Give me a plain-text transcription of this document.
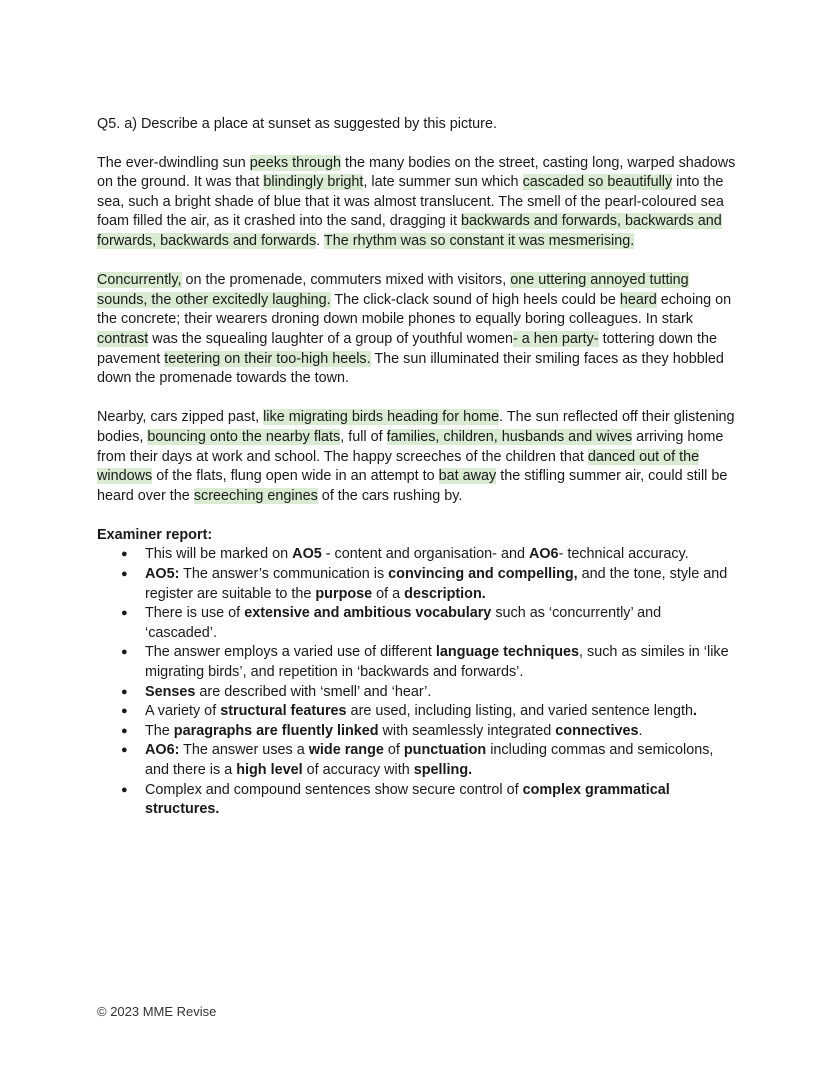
Q5. a) Describe a place at sunset as suggested by this picture.

The ever-dwindling sun peeks through the many bodies on the street, casting long, warped shadows on the ground. It was that blindingly bright, late summer sun which cascaded so beautifully into the sea, such a bright shade of blue that it was almost translucent. The smell of the pearl-coloured sea foam filled the air, as it crashed into the sand, dragging it backwards and forwards, backwards and forwards, backwards and forwards. The rhythm was so constant it was mesmerising.

Concurrently, on the promenade, commuters mixed with visitors, one uttering annoyed tutting sounds, the other excitedly laughing. The click-clack sound of high heels could be heard echoing on the concrete; their wearers droning down mobile phones to equally boring colleagues. In stark contrast was the squealing laughter of a group of youthful women- a hen party- tottering down the pavement teetering on their too-high heels. The sun illuminated their smiling faces as they hobbled down the promenade towards the town.

Nearby, cars zipped past, like migrating birds heading for home. The sun reflected off their glistening bodies, bouncing onto the nearby flats, full of families, children, husbands and wives arriving home from their days at work and school. The happy screeches of the children that danced out of the windows of the flats, flung open wide in an attempt to bat away the stifling summer air, could still be heard over the screeching engines of the cars rushing by.

Examiner report:

● This will be marked on AO5 - content and organisation- and AO6- technical accuracy.
● AO5: The answer’s communication is convincing and compelling, and the tone, style and register are suitable to the purpose of a description.
● There is use of extensive and ambitious vocabulary such as ‘concurrently’ and ‘cascaded’.
● The answer employs a varied use of different language techniques, such as similes in ‘like migrating birds’, and repetition in ‘backwards and forwards’.
● Senses are described with ‘smell’ and ‘hear’.
● A variety of structural features are used, including listing, and varied sentence length.
● The paragraphs are fluently linked with seamlessly integrated connectives.
● AO6: The answer uses a wide range of punctuation including commas and semicolons, and there is a high level of accuracy with spelling.
● Complex and compound sentences show secure control of complex grammatical structures.
© 2023 MME Revise
